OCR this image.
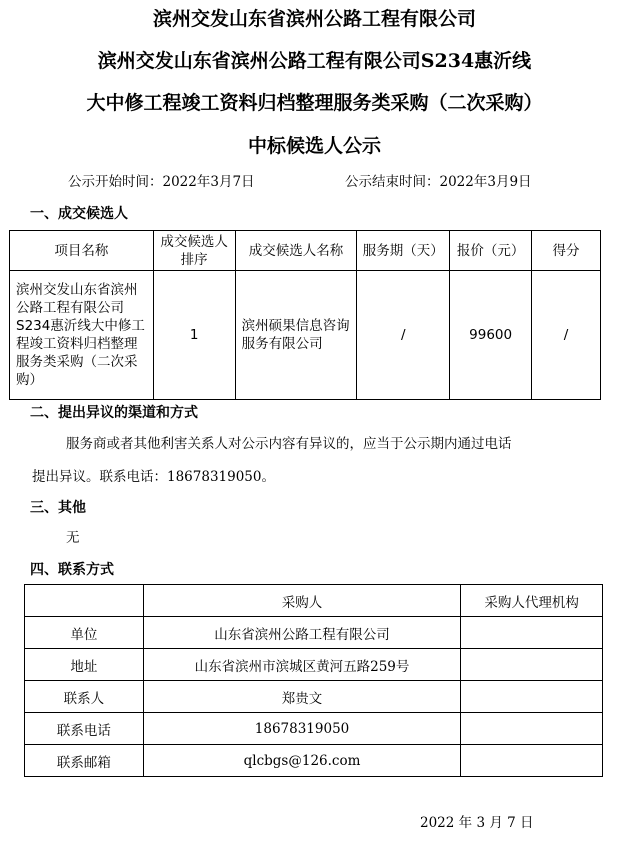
滨州交发山东省滨州公路工程有限公司
滨州交发山东省滨州公路工程有限公司S234惠沂线
大中修工程竣工资料归档整理服务类采购（二次采购）
中标候选人公示
公示开始时间：2022年3月7日	公示结束时间：2022年3月9日
一、成交候选人
项目名称	成交候选人排序	成交候选人名称	服务期（天）	报价（元）	得分
滨州交发山东省滨州公路工程有限公司S234惠沂线大中修工程竣工资料归档整理服务类采购（二次采购）	1	滨州硕果信息咨询服务有限公司	/	99600	/
二、提出异议的渠道和方式
服务商或者其他利害关系人对公示内容有异议的，应当于公示期内通过电话
提出异议。联系电话：18678319050。
三、其他
无
四、联系方式
	采购人	采购人代理机构
单位	山东省滨州公路工程有限公司	
地址	山东省滨州市滨城区黄河五路259号	
联系人	郑贵文	
联系电话	18678319050	
联系邮箱	qlcbgs@126.com	
2022 年 3 月 7 日
